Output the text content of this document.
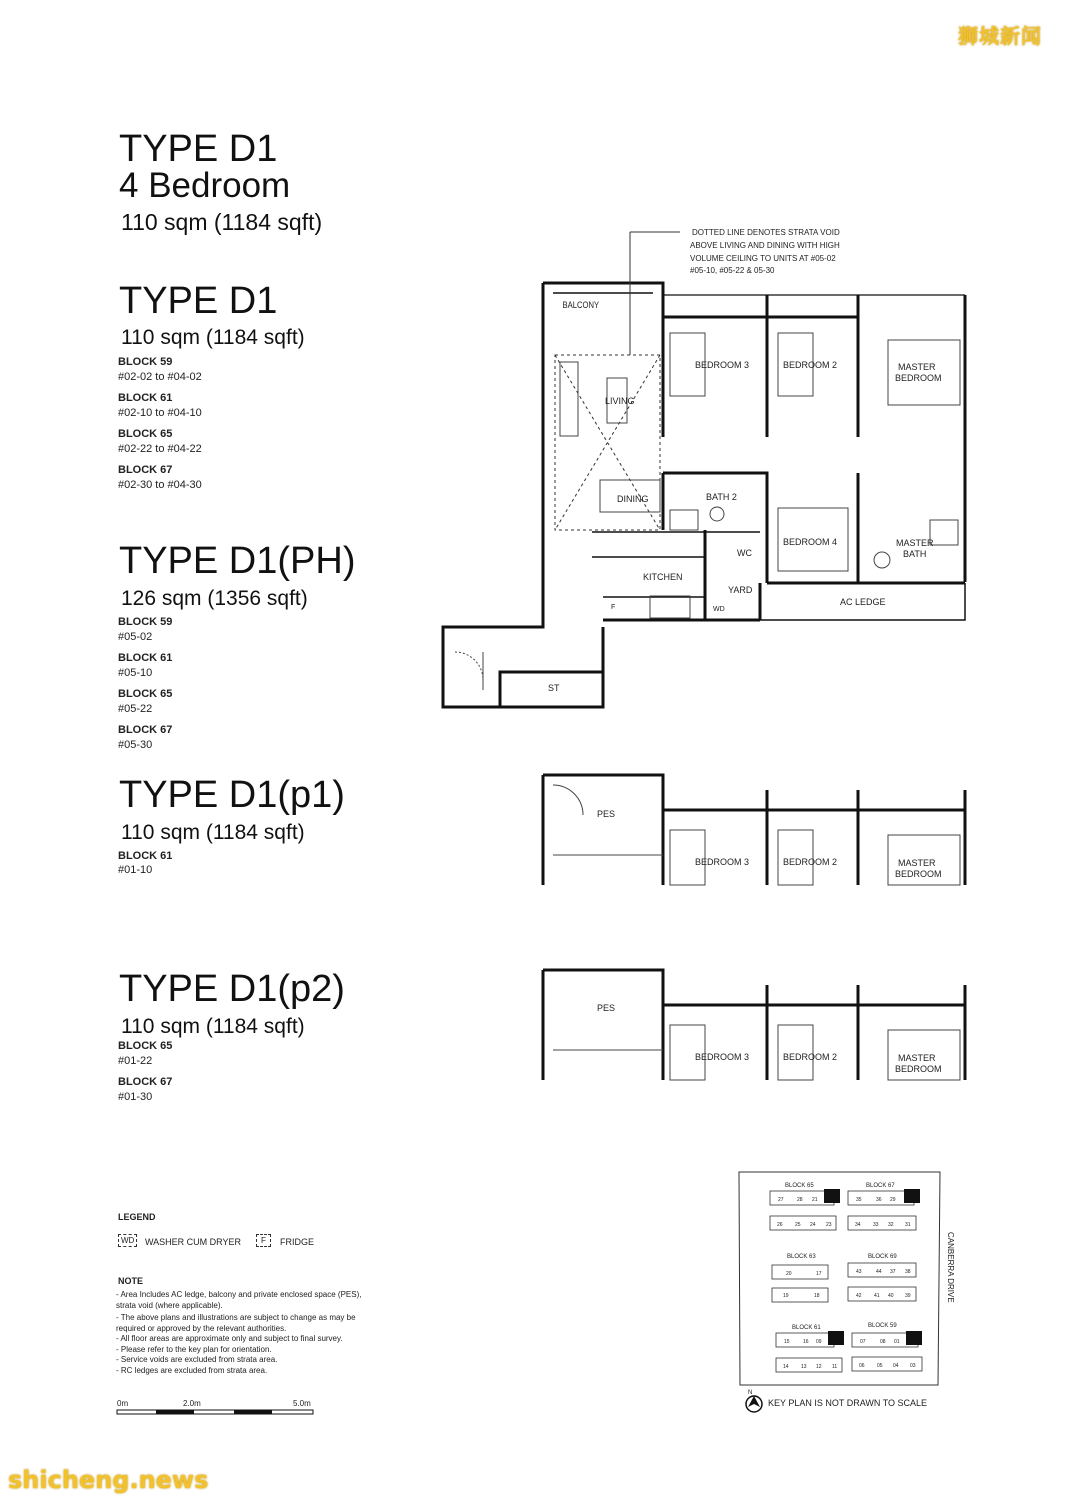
狮城新闻
shicheng.news
TYPE D1
4 Bedroom
110 sqm (1184 sqft)
TYPE D1
110 sqm (1184 sqft)
BLOCK 59
#02-02 to #04-02
BLOCK 61
#02-10 to #04-10
BLOCK 65
#02-22 to #04-22
BLOCK 67
#02-30 to #04-30
TYPE D1(PH)
126 sqm (1356 sqft)
BLOCK 59
#05-02
BLOCK 61
#05-10
BLOCK 65
#05-22
BLOCK 67
#05-30
TYPE D1(p1)
110 sqm (1184 sqft)
BLOCK 61
#01-10
TYPE D1(p2)
110 sqm (1184 sqft)
BLOCK 65
#01-22
BLOCK 67
#01-30
BALCONY
LIVING
DINING
KITCHEN
BEDROOM 3	BEDROOM 2	MASTER
BEDROOM
BATH 2
BEDROOM 4	MASTER
BATH
WC
YARD
AC LEDGE
ST
F	WD
DOTTED LINE DENOTES STRATA VOID
ABOVE LIVING AND DINING WITH HIGH
VOLUME CEILING TO UNITS AT #05-02
#05-10, #05-22 & 05-30
PES
BEDROOM 3	BEDROOM 2	MASTER
BEDROOM
PES
BEDROOM 3	BEDROOM 2	MASTER
BEDROOM
LEGEND
WD	WASHER CUM DRYER	F	FRIDGE
NOTE
- Area Includes AC ledge, balcony and private enclosed space (PES),
strata void (where applicable).
- The above plans and illustrations are subject to change as may be
required or approved by the relevant authorities.
- All floor areas are approximate only and subject to final survey.
- Please refer to the key plan for orientation.
- Service voids are excluded from strata area.
- RC ledges are excluded from strata area.
0m	2.0m	5.0m
BLOCK 65	BLOCK 67
BLOCK 63	BLOCK 69
BLOCK 61	BLOCK 59
27	28 21
26 25 24 23
35	36 29
34 33 32 31
20	17
19	18
43	44 37 38
42 41 40 39
15	16 09
14 13 12 11
07	08 01
06 05 04 03
CANBERRA DRIVE
N
KEY PLAN IS NOT DRAWN TO SCALE
